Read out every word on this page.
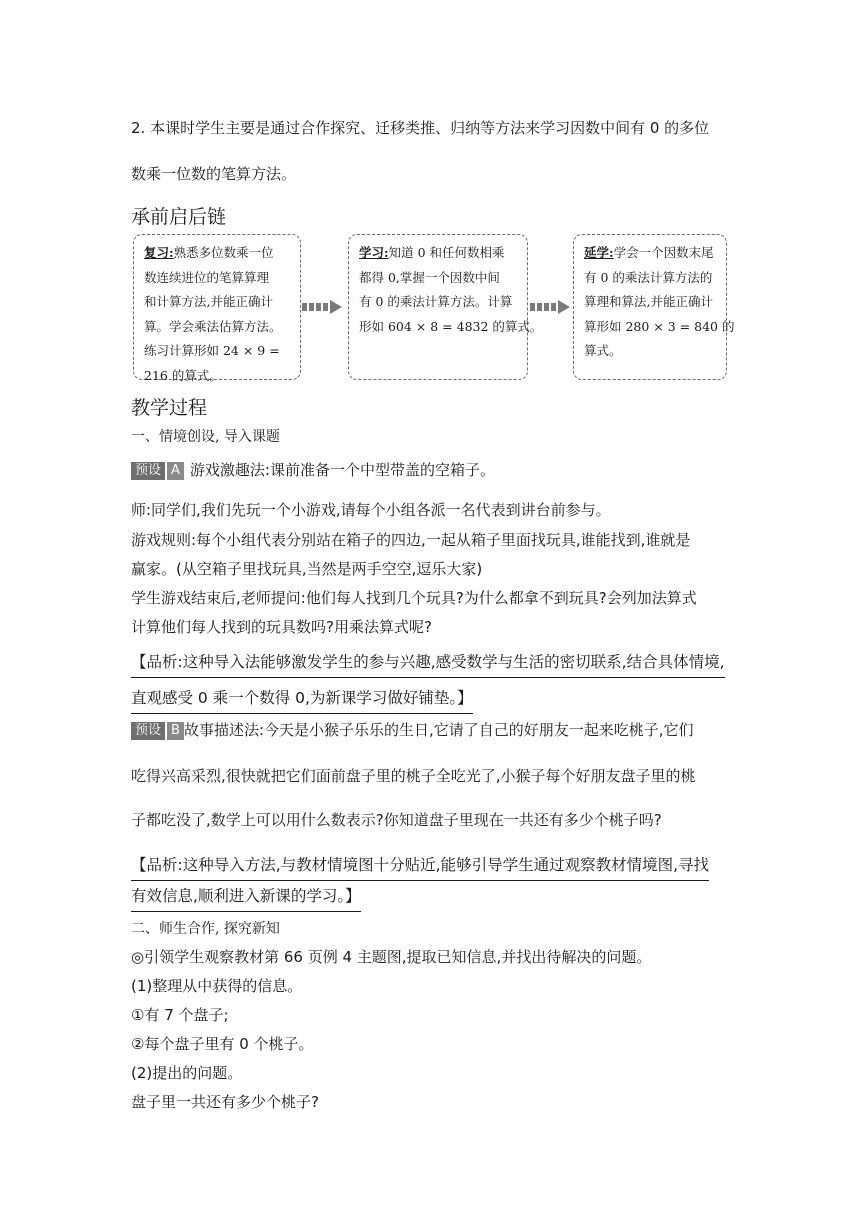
2. 本课时学生主要是通过合作探究、迁移类推、归纳等方法来学习因数中间有 0 的多位
数乘一位数的笔算方法。
承前启后链
复习:熟悉多位数乘一位
数连续进位的笔算算理
和计算方法,并能正确计
算。学会乘法估算方法。
练习计算形如 24 × 9 =
216 的算式。
学习:知道 0 和任何数相乘
都得 0,掌握一个因数中间
有 0 的乘法计算方法。计算
形如 604 × 8 = 4832 的算式。
延学:学会一个因数末尾
有 0 的乘法计算方法的
算理和算法,并能正确计
算形如 280 × 3 = 840 的
算式。
教学过程
一、情境创设, 导入课题
预设 A 游戏激趣法:课前准备一个中型带盖的空箱子。
师:同学们,我们先玩一个小游戏,请每个小组各派一名代表到讲台前参与。
游戏规则:每个小组代表分别站在箱子的四边,一起从箱子里面找玩具,谁能找到,谁就是
赢家。(从空箱子里找玩具,当然是两手空空,逗乐大家)
学生游戏结束后,老师提问:他们每人找到几个玩具?为什么都拿不到玩具?会列加法算式
计算他们每人找到的玩具数吗?用乘法算式呢?
【品析:这种导入法能够激发学生的参与兴趣,感受数学与生活的密切联系,结合具体情境,
直观感受 0 乘一个数得 0,为新课学习做好铺垫。】
预设 B 故事描述法:今天是小猴子乐乐的生日,它请了自己的好朋友一起来吃桃子,它们
吃得兴高采烈,很快就把它们面前盘子里的桃子全吃光了,小猴子每个好朋友盘子里的桃
子都吃没了,数学上可以用什么数表示?你知道盘子里现在一共还有多少个桃子吗?
【品析:这种导入方法,与教材情境图十分贴近,能够引导学生通过观察教材情境图,寻找
有效信息,顺利进入新课的学习。】
二、师生合作, 探究新知
◎引领学生观察教材第 66 页例 4 主题图,提取已知信息,并找出待解决的问题。
(1)整理从中获得的信息。
①有 7 个盘子;
②每个盘子里有 0 个桃子。
(2)提出的问题。
盘子里一共还有多少个桃子?
